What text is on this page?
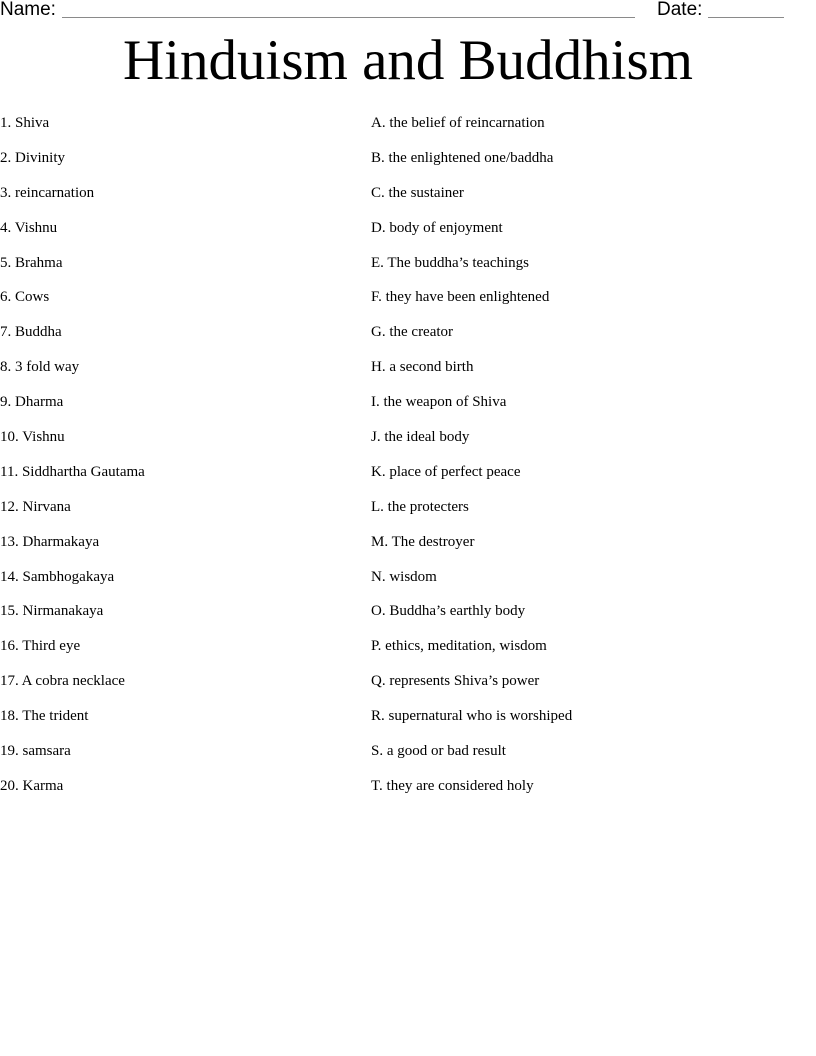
Name:	Date:
Hinduism and Buddhism
1. Shiva
2. Divinity
3. reincarnation
4. Vishnu
5. Brahma
6. Cows
7. Buddha
8. 3 fold way
9. Dharma
10. Vishnu
11. Siddhartha Gautama
12. Nirvana
13. Dharmakaya
14. Sambhogakaya
15. Nirmanakaya
16. Third eye
17. A cobra necklace
18. The trident
19. samsara
20. Karma
A. the belief of reincarnation
B. the enlightened one/baddha
C. the sustainer
D. body of enjoyment
E. The buddha’s teachings
F. they have been enlightened
G. the creator
H. a second birth
I. the weapon of Shiva
J. the ideal body
K. place of perfect peace
L. the protecters
M. The destroyer
N. wisdom
O. Buddha’s earthly body
P. ethics, meditation, wisdom
Q. represents Shiva’s power
R. supernatural who is worshiped
S. a good or bad result
T. they are considered holy
